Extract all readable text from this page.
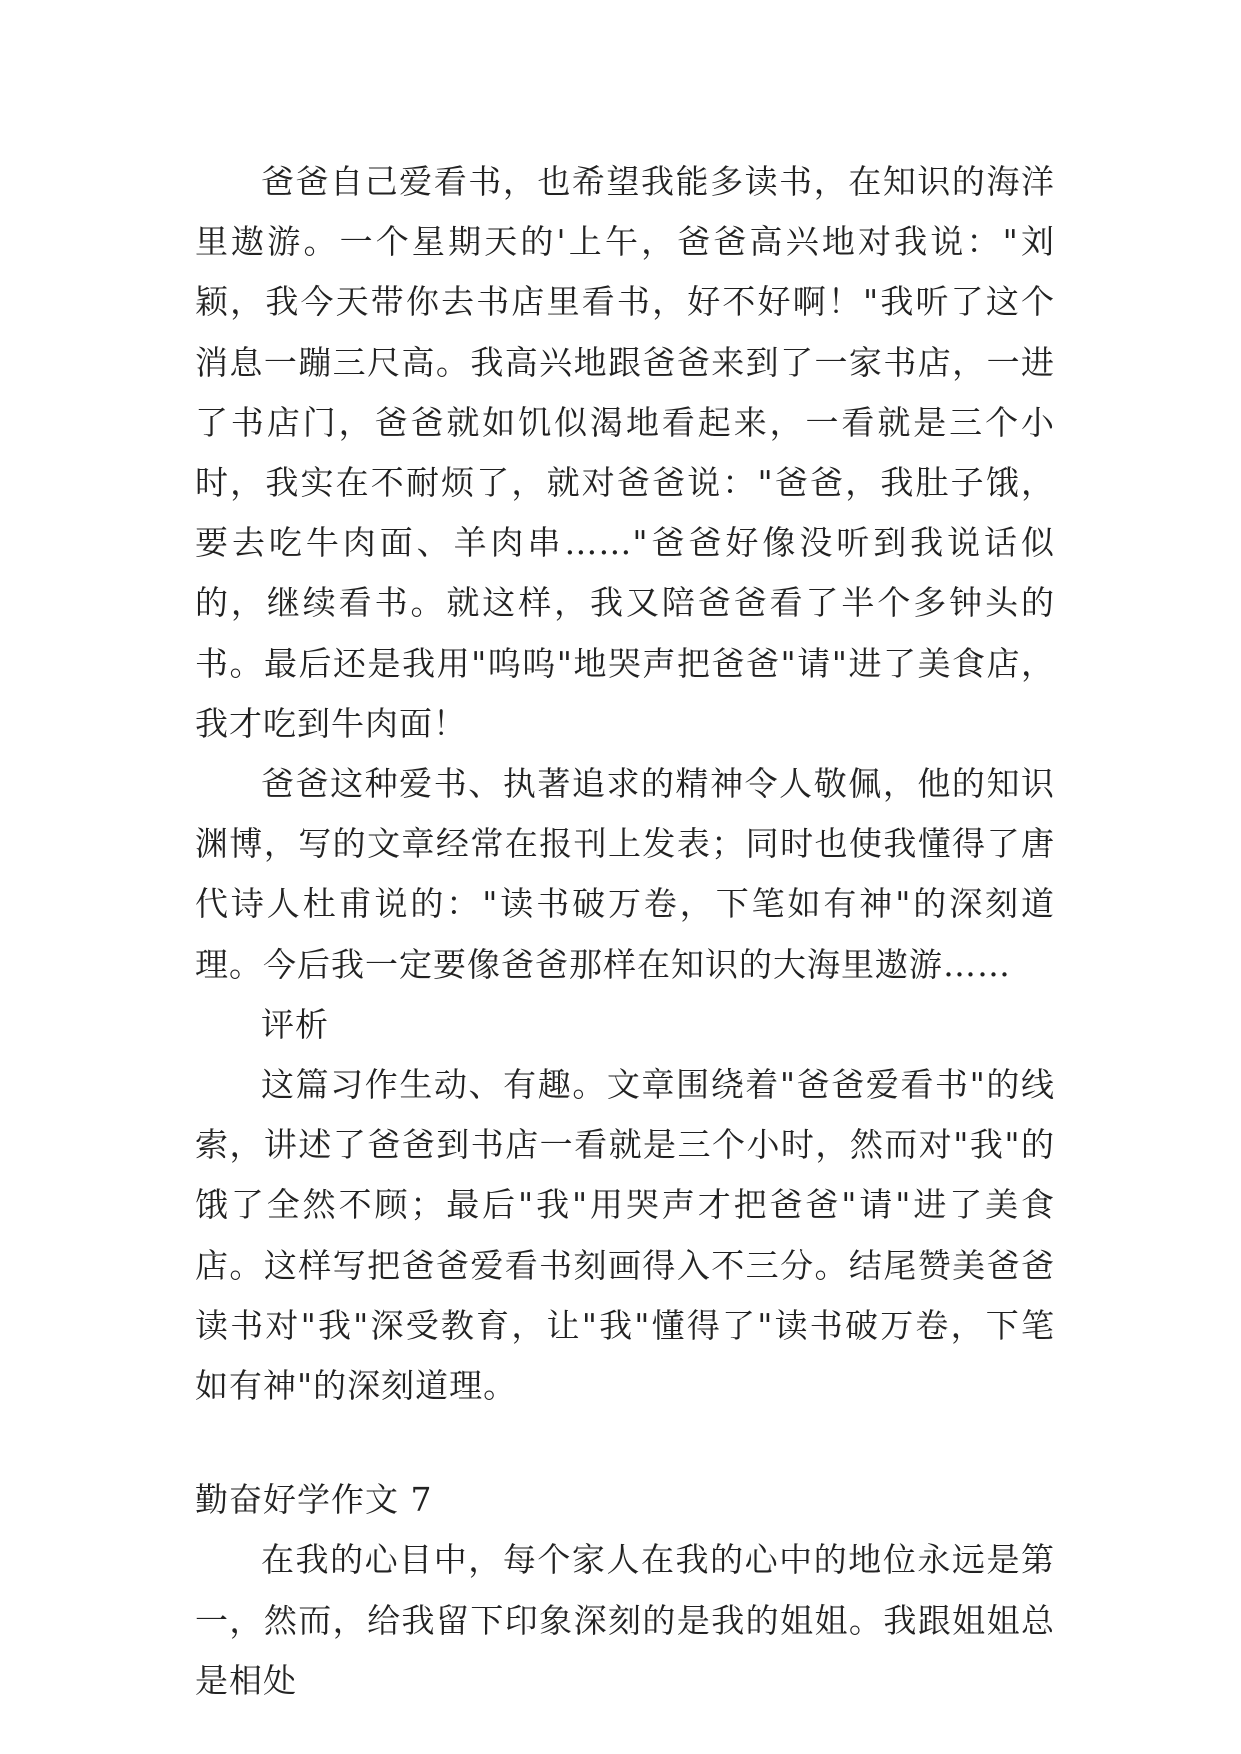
爸爸自己爱看书，也希望我能多读书，在知识的海洋里遨游。一个星期天的'上午，爸爸高兴地对我说："刘颖，我今天带你去书店里看书，好不好啊！"我听了这个消息一蹦三尺高。我高兴地跟爸爸来到了一家书店，一进了书店门，爸爸就如饥似渴地看起来，一看就是三个小时，我实在不耐烦了，就对爸爸说："爸爸，我肚子饿，要去吃牛肉面、羊肉串……"爸爸好像没听到我说话似的，继续看书。就这样，我又陪爸爸看了半个多钟头的书。最后还是我用"呜呜"地哭声把爸爸"请"进了美食店，我才吃到牛肉面！

爸爸这种爱书、执著追求的精神令人敬佩，他的知识渊博，写的文章经常在报刊上发表；同时也使我懂得了唐代诗人杜甫说的："读书破万卷，下笔如有神"的深刻道理。今后我一定要像爸爸那样在知识的大海里遨游……

评析

这篇习作生动、有趣。文章围绕着"爸爸爱看书"的线索，讲述了爸爸到书店一看就是三个小时，然而对"我"的饿了全然不顾；最后"我"用哭声才把爸爸"请"进了美食店。这样写把爸爸爱看书刻画得入不三分。结尾赞美爸爸读书对"我"深受教育，让"我"懂得了"读书破万卷，下笔如有神"的深刻道理。

勤奋好学作文 7

在我的心目中，每个家人在我的心中的地位永远是第一，然而，给我留下印象深刻的是我的姐姐。我跟姐姐总是相处
